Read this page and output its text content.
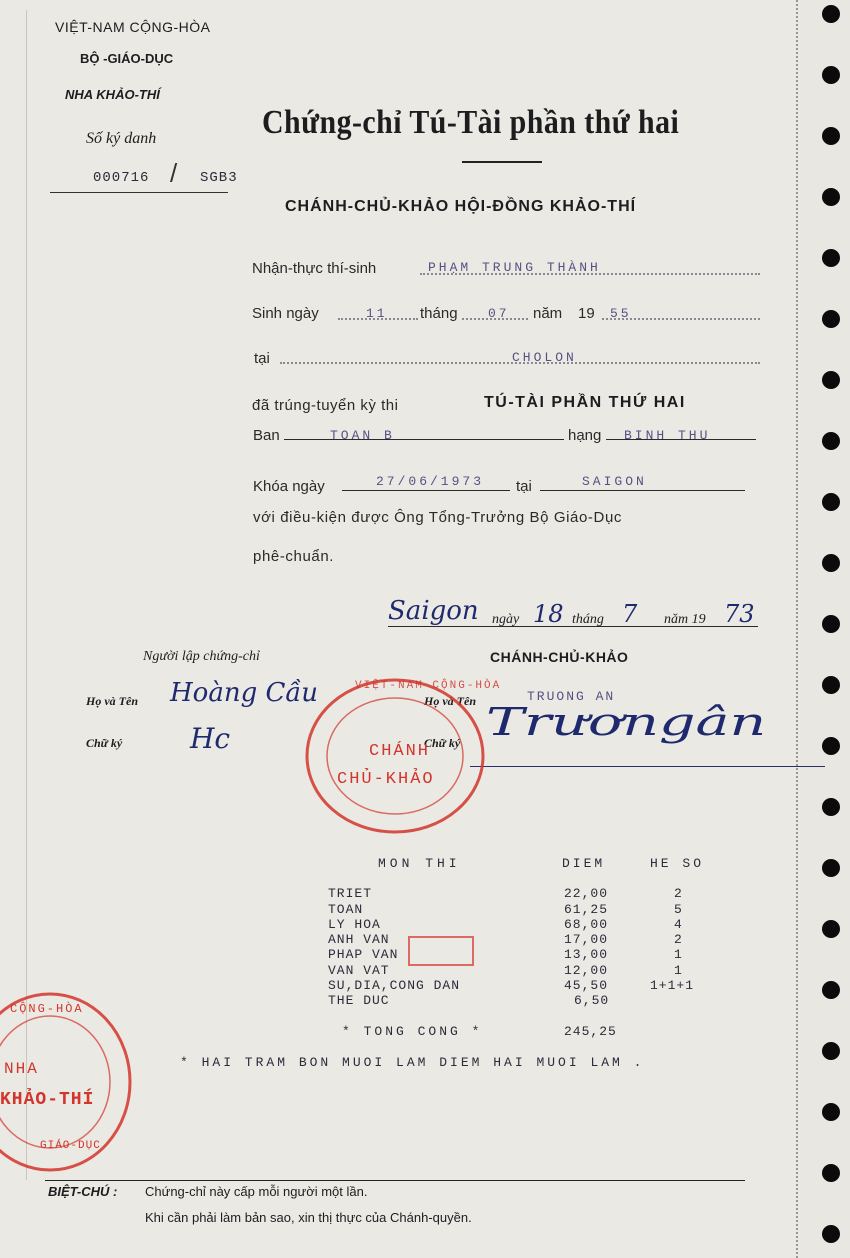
VIỆT-NAM CỘNG-HÒA
BỘ -GIÁO-DỤC
NHA KHẢO-THÍ
Số ký danh
000716 / SGB3
Chứng-chỉ Tú-Tài phần thứ hai
CHÁNH-CHỦ-KHẢO HỘI-ĐỒNG KHẢO-THÍ
Nhận-thực thí-sinh	PHẠM TRUNG THÀNH
Sinh ngày	11 tháng 07 năm 19 55
tại	CHOLON
đã trúng-tuyển kỳ thi	TÚ-TÀI PHẦN THỨ HAI
Ban	TOAN B	hạng BINH THU
Khóa ngày	27/06/1973 tại	SAIGON
với điều-kiện được Ông Tổng-Trưởng Bộ Giáo-Dục
phê-chuẩn.
Saigon ngày 18 tháng 7 năm 19 73
Người lập chứng-chỉ	CHÁNH-CHỦ-KHẢO
Họ và Tên Hoàng Cầu
Chữ ký Hc
Họ và Tên	TRUONG AN
Chữ ký Trươngân
VIỆT-NAM CỘNG-HÒA
CHÁNH
CHỦ-KHẢO
CỘNG-HÒA
NHA
KHẢO-THÍ
GIÁO-DỤC
MON THI	DIEM	HE SO
TRIET	22,00	2
TOAN	61,25	5
LY HOA	68,00	4
ANH VAN	17,00	2
PHAP VAN	13,00	1
VAN VAT	12,00	1
SU,DIA,CONG DAN	45,50	1+1+1
THE DUC	6,50
* TONG CONG *	245,25
* HAI TRAM BON MUOI LAM DIEM HAI MUOI LAM .
BIỆT-CHÚ : Chứng-chỉ này cấp mỗi người một lần.
Khi cần phải làm bản sao, xin thị thực của Chánh-quyền.
